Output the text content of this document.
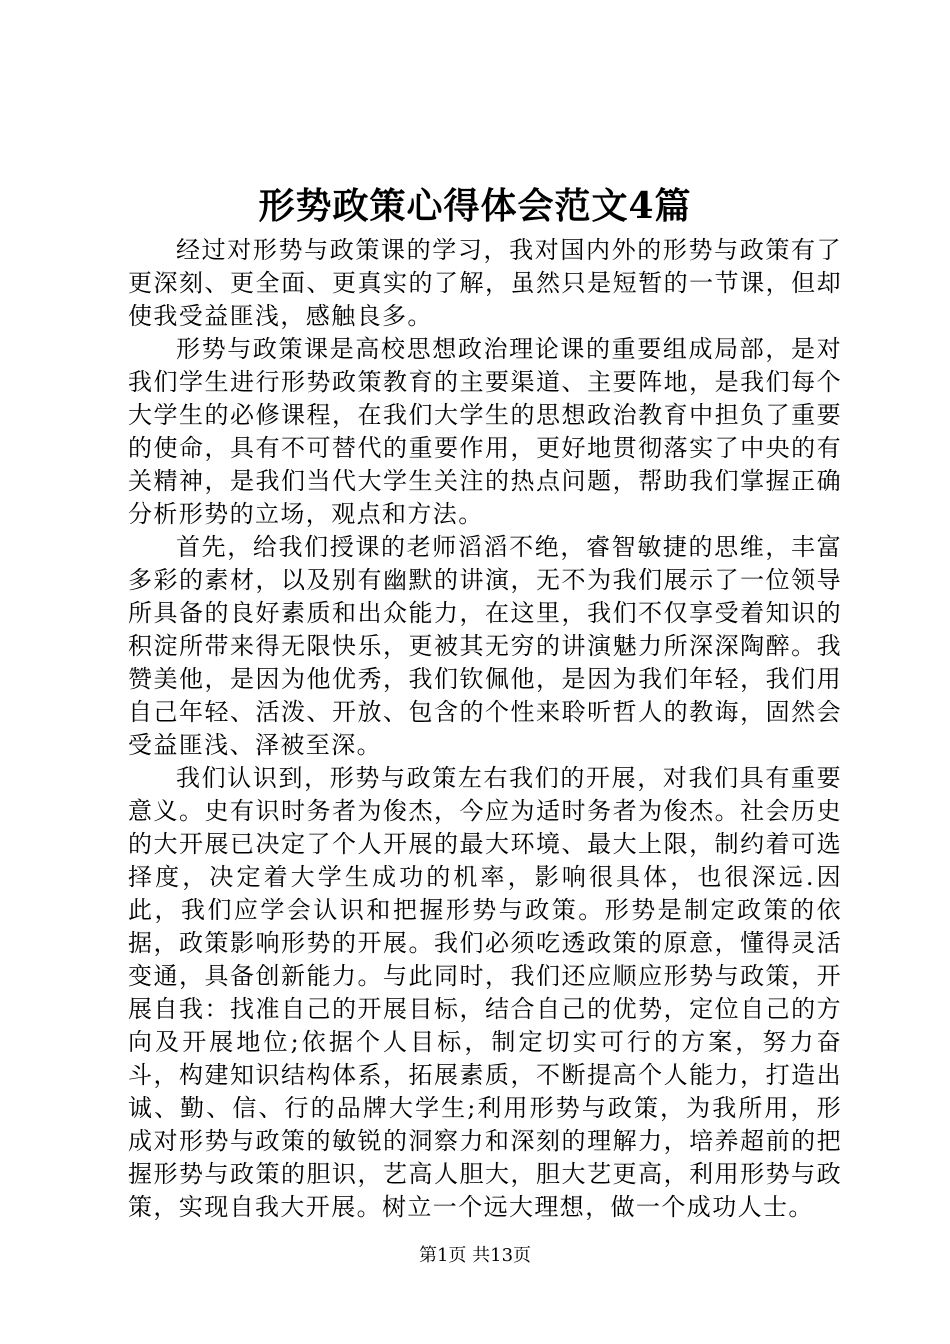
形势政策心得体会范文4篇

经过对形势与政策课的学习，我对国内外的形势与政策有了更深刻、更全面、更真实的了解，虽然只是短暂的一节课，但却使我受益匪浅，感触良多。

形势与政策课是高校思想政治理论课的重要组成局部，是对我们学生进行形势政策教育的主要渠道、主要阵地，是我们每个大学生的必修课程，在我们大学生的思想政治教育中担负了重要的使命，具有不可替代的重要作用，更好地贯彻落实了中央的有关精神，是我们当代大学生关注的热点问题，帮助我们掌握正确分析形势的立场，观点和方法。

首先，给我们授课的老师滔滔不绝，睿智敏捷的思维，丰富多彩的素材，以及别有幽默的讲演，无不为我们展示了一位领导所具备的良好素质和出众能力，在这里，我们不仅享受着知识的积淀所带来得无限快乐，更被其无穷的讲演魅力所深深陶醉。我赞美他，是因为他优秀，我们钦佩他，是因为我们年轻，我们用自己年轻、活泼、开放、包含的个性来聆听哲人的教诲，固然会受益匪浅、泽被至深。

我们认识到，形势与政策左右我们的开展，对我们具有重要意义。史有识时务者为俊杰，今应为适时务者为俊杰。社会历史的大开展已决定了个人开展的最大环境、最大上限，制约着可选择度，决定着大学生成功的机率，影响很具体，也很深远.因此，我们应学会认识和把握形势与政策。形势是制定政策的依据，政策影响形势的开展。我们必须吃透政策的原意，懂得灵活变通，具备创新能力。与此同时，我们还应顺应形势与政策，开展自我：找准自己的开展目标，结合自己的优势，定位自己的方向及开展地位;依据个人目标，制定切实可行的方案，努力奋斗，构建知识结构体系，拓展素质，不断提高个人能力，打造出诚、勤、信、行的品牌大学生;利用形势与政策，为我所用，形成对形势与政策的敏锐的洞察力和深刻的理解力，培养超前的把握形势与政策的胆识，艺高人胆大，胆大艺更高，利用形势与政策，实现自我大开展。树立一个远大理想，做一个成功人士。

第1页 共13页
